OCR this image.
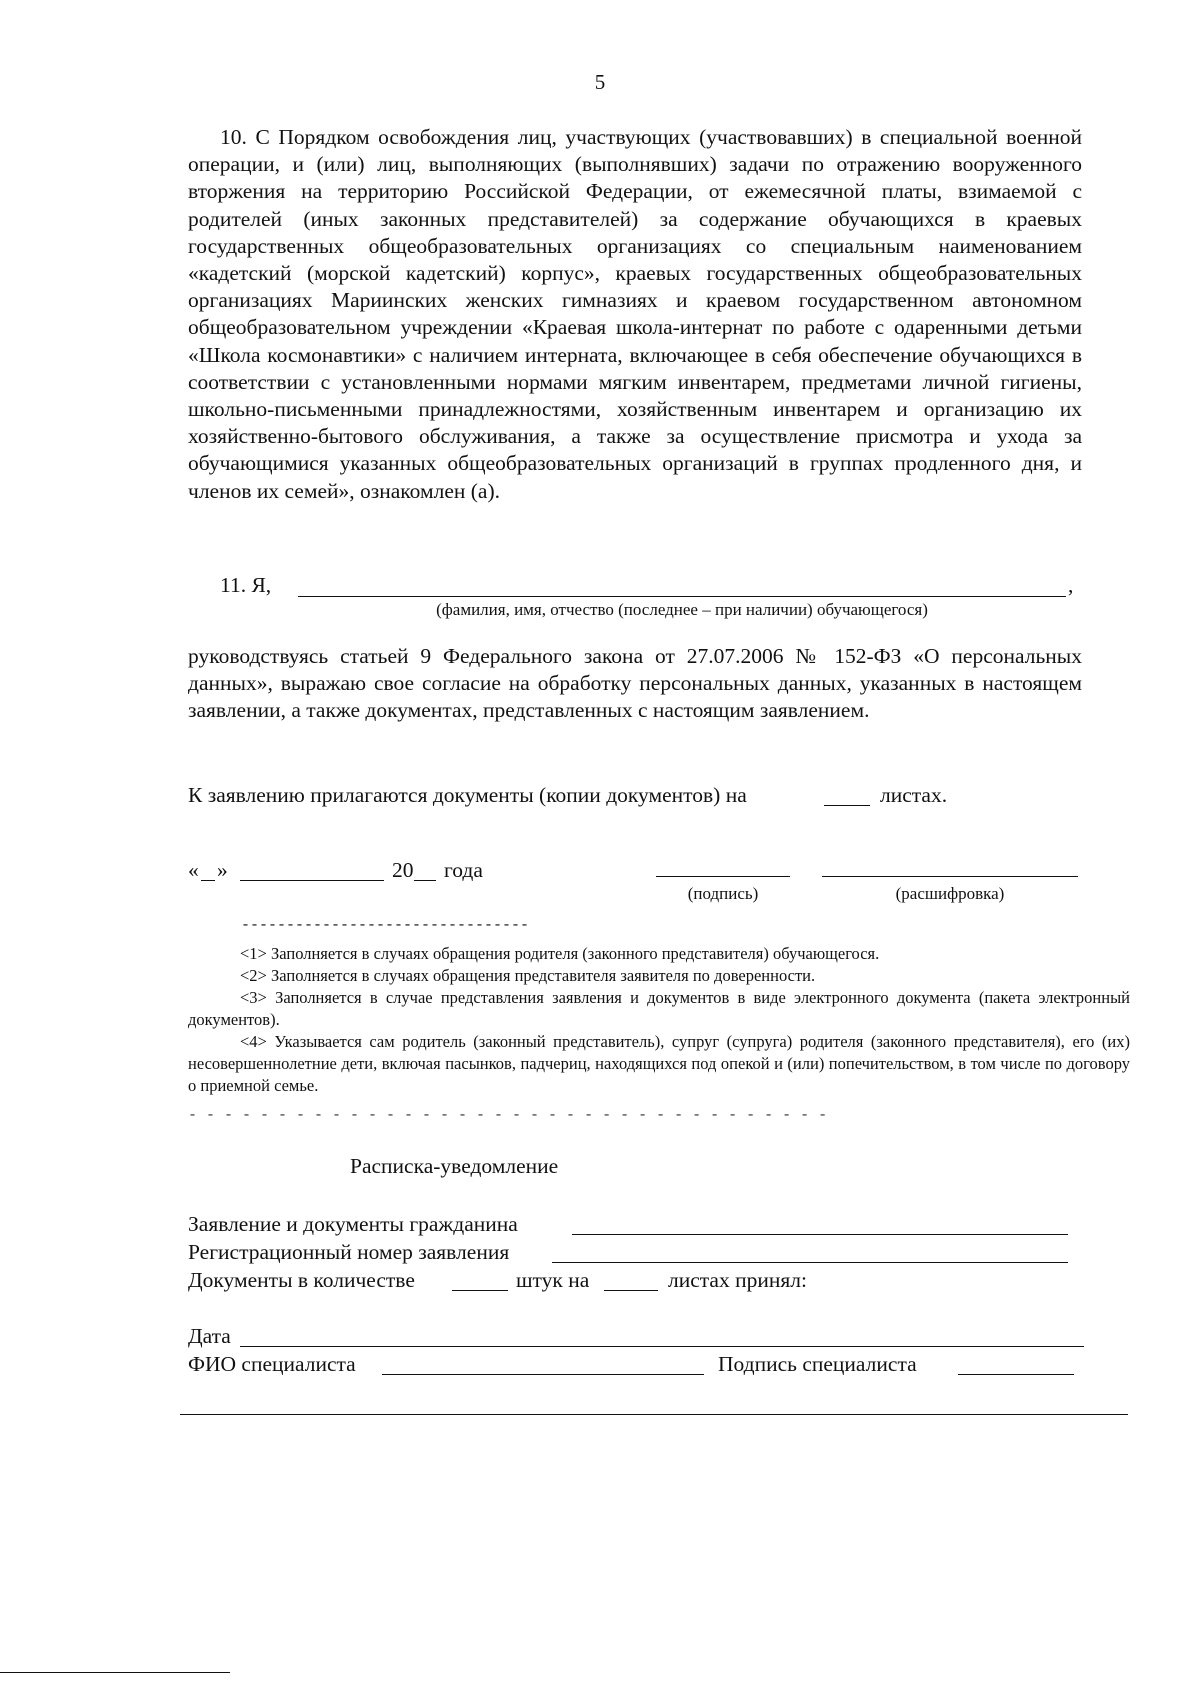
5

10. С Порядком освобождения лиц, участвующих (участвовавших) в специальной военной операции, и (или) лиц, выполняющих (выполнявших) задачи по отражению вооруженного вторжения на территорию Российской Федерации, от ежемесячной платы, взимаемой с родителей (иных законных представителей) за содержание обучающихся в краевых государственных общеобразовательных организациях со специальным наименованием «кадетский (морской кадетский) корпус», краевых государственных общеобразовательных организациях Мариинских женских гимназиях и краевом государственном автономном общеобразовательном учреждении «Краевая школа-интернат по работе с одаренными детьми «Школа космонавтики» с наличием интерната, включающее в себя обеспечение обучающихся в соответствии с установленными нормами мягким инвентарем, предметами личной гигиены, школьно-письменными принадлежностями, хозяйственным инвентарем и организацию их хозяйственно-бытового обслуживания, а также за осуществление присмотра и ухода за обучающимися указанных общеобразовательных организаций в группах продленного дня, и членов их семей», ознакомлен (а).

11. Я,	,
(фамилия, имя, отчество (последнее – при наличии) обучающегося)

руководствуясь статьей 9 Федерального закона от 27.07.2006 № 152-ФЗ «О персональных данных», выражаю свое согласие на обработку персональных данных, указанных в настоящем заявлении, а также документах, представленных с настоящим заявлением.

К заявлению прилагаются документы (копии документов) на	листах.
« »	20 года
(подпись)	(расшифровка)
--------------------------------

<1> Заполняется в случаях обращения родителя (законного представителя) обучающегося.

<2> Заполняется в случаях обращения представителя заявителя по доверенности.

<3> Заполняется в случае представления заявления и документов в виде электронного документа (пакета электронный документов).

<4> Указывается сам родитель (законный представитель), супруг (супруга) родителя (законного представителя), его (их) несовершеннолетние дети, включая пасынков, падчериц, находящихся под опекой и (или) попечительством, в том числе по договору о приемной семье.

- - - - - - - - - - - - - - - - - - - - - - - - - - - - - - - - - - - -
Расписка-уведомление
Заявление и документы гражданина
Регистрационный номер заявления
Документы в количестве	штук на	листах принял:
Дата
ФИО специалиста	Подпись специалиста
